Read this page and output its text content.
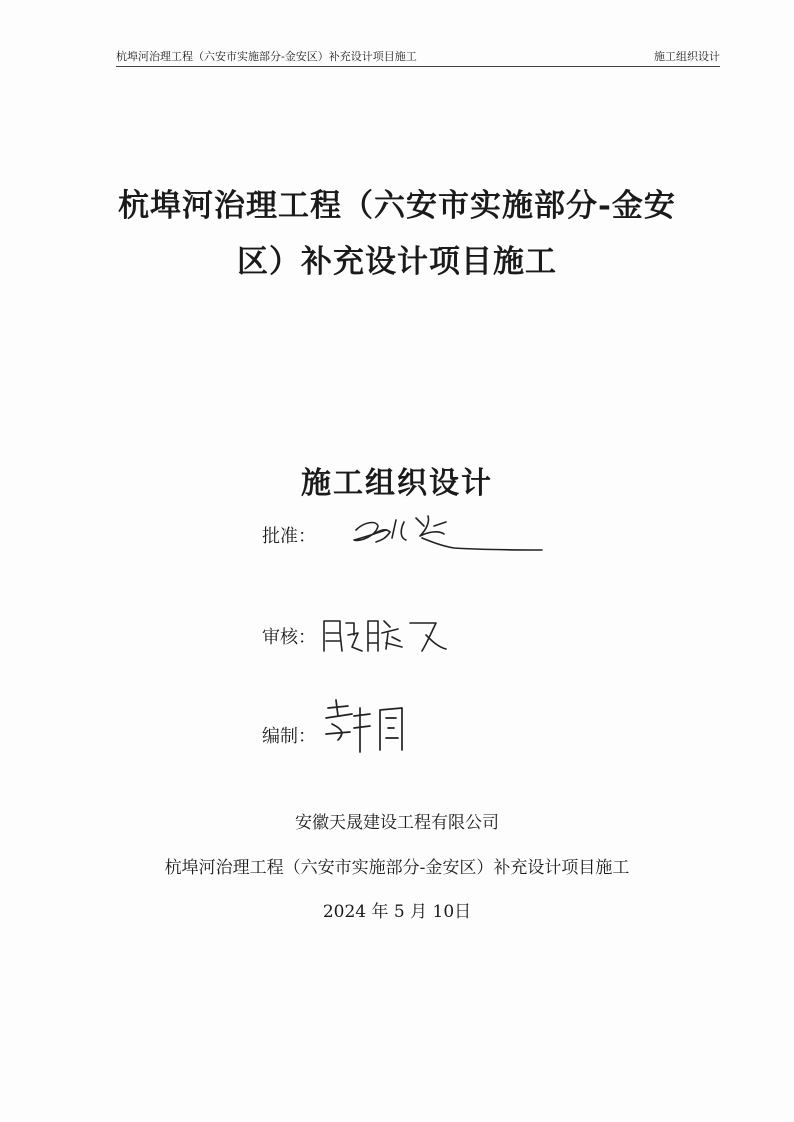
杭埠河治理工程（六安市实施部分-金安区）补充设计项目施工	施工组织设计
杭埠河治理工程（六安市实施部分-金安
区）补充设计项目施工
施工组织设计
批准：
审核：
编制：
安徽天晟建设工程有限公司
杭埠河治理工程（六安市实施部分-金安区）补充设计项目施工
2024 年 5 月 10日
